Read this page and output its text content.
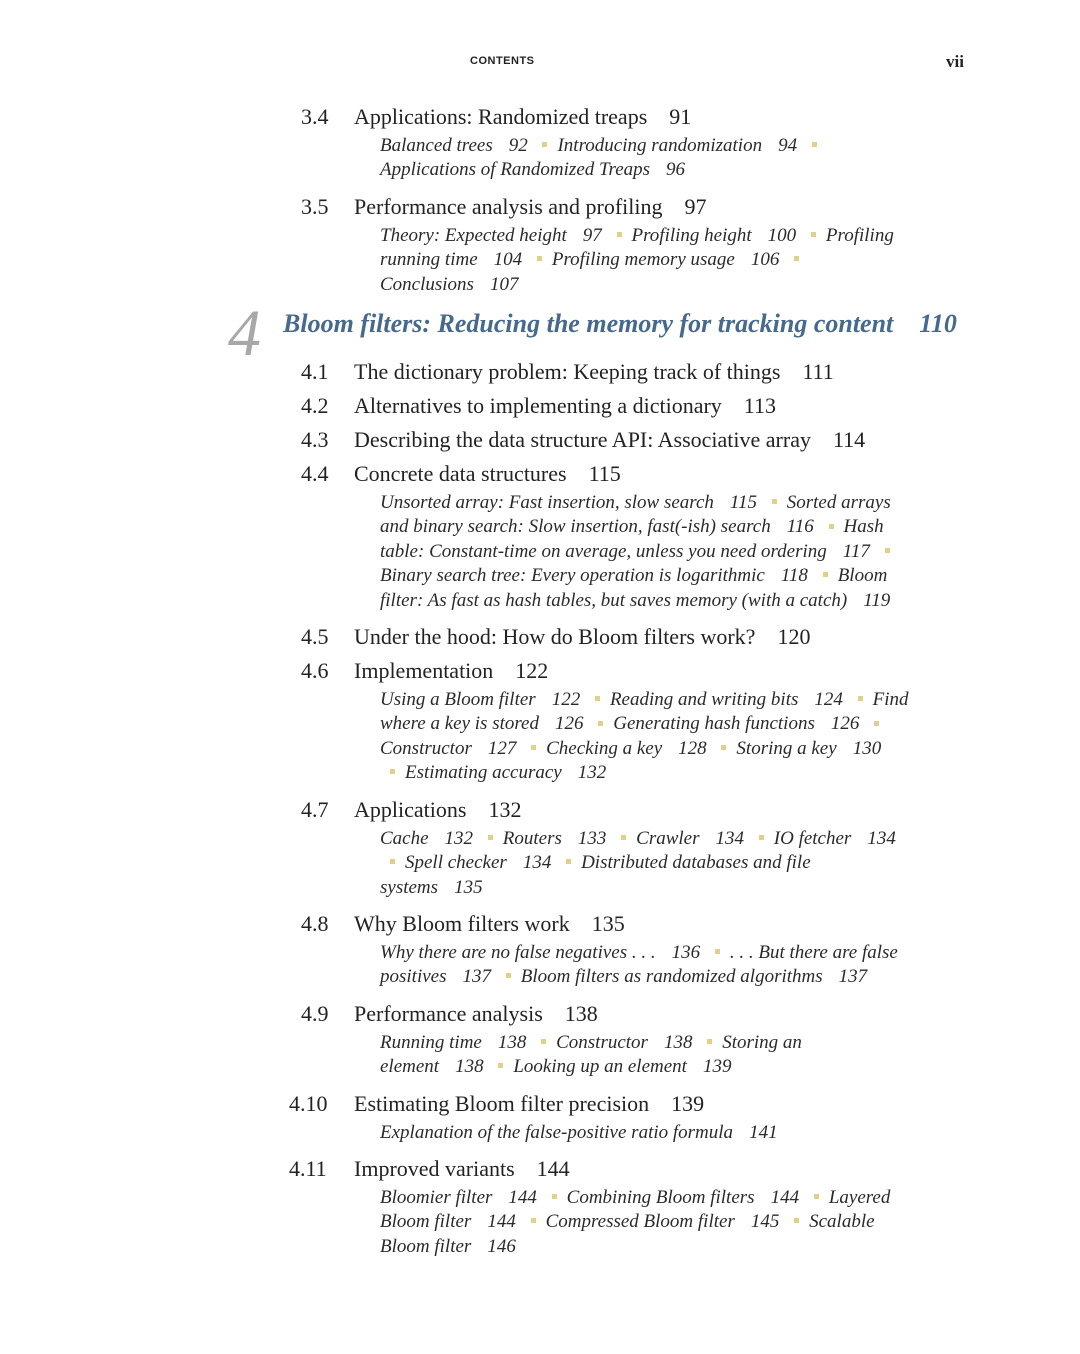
CONTENTS	vii
3.4 Applications: Randomized treaps 91
Balanced trees 92 Introducing randomization 94 Applications of Randomized Treaps 96
3.5 Performance analysis and profiling 97
Theory: Expected height 97 Profiling height 100 Profiling running time 104 Profiling memory usage 106 Conclusions 107
4 Bloom filters: Reducing the memory for tracking content 110
4.1 The dictionary problem: Keeping track of things 111
4.2 Alternatives to implementing a dictionary 113
4.3 Describing the data structure API: Associative array 114
4.4 Concrete data structures 115
Unsorted array: Fast insertion, slow search 115 Sorted arrays and binary search: Slow insertion, fast(-ish) search 116 Hash table: Constant-time on average, unless you need ordering 117 Binary search tree: Every operation is logarithmic 118 Bloom filter: As fast as hash tables, but saves memory (with a catch) 119
4.5 Under the hood: How do Bloom filters work? 120
4.6 Implementation 122
Using a Bloom filter 122 Reading and writing bits 124 Find where a key is stored 126 Generating hash functions 126 Constructor 127 Checking a key 128 Storing a key 130 Estimating accuracy 132
4.7 Applications 132
Cache 132 Routers 133 Crawler 134 IO fetcher 134 Spell checker 134 Distributed databases and file systems 135
4.8 Why Bloom filters work 135
Why there are no false negatives . . . 136 . . . But there are false positives 137 Bloom filters as randomized algorithms 137
4.9 Performance analysis 138
Running time 138 Constructor 138 Storing an element 138 Looking up an element 139
4.10 Estimating Bloom filter precision 139
Explanation of the false-positive ratio formula 141
4.11 Improved variants 144
Bloomier filter 144 Combining Bloom filters 144 Layered Bloom filter 144 Compressed Bloom filter 145 Scalable Bloom filter 146
